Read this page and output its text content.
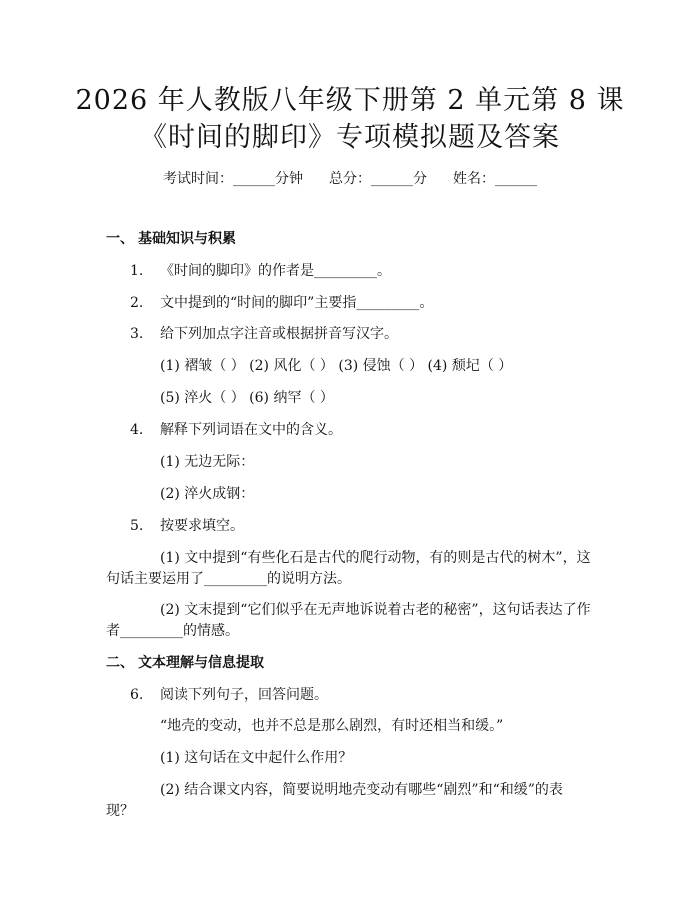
2026 年人教版八年级下册第 2 单元第 8 课
《时间的脚印》专项模拟题及答案
考试时间：______分钟 总分：______分 姓名：______
一、 基础知识与积累
1. 《时间的脚印》的作者是_________。
2. 文中提到的“时间的脚印”主要指_________。
3. 给下列加点字注音或根据拼音写汉字。
(1) 褶皱（ ） (2) 风化（ ） (3) 侵蚀（ ） (4) 颓圮（ ）
(5) 淬火（ ） (6) 纳罕（ ）
4. 解释下列词语在文中的含义。
(1) 无边无际：
(2) 淬火成钢：
5. 按要求填空。
(1) 文中提到“有些化石是古代的爬行动物，有的则是古代的树木”，这
句话主要运用了_________的说明方法。
(2) 文末提到“它们似乎在无声地诉说着古老的秘密”，这句话表达了作
者_________的情感。
二、 文本理解与信息提取
6. 阅读下列句子，回答问题。
“地壳的变动，也并不总是那么剧烈，有时还相当和缓。”
(1) 这句话在文中起什么作用？
(2) 结合课文内容，简要说明地壳变动有哪些“剧烈”和“和缓”的表
现？
